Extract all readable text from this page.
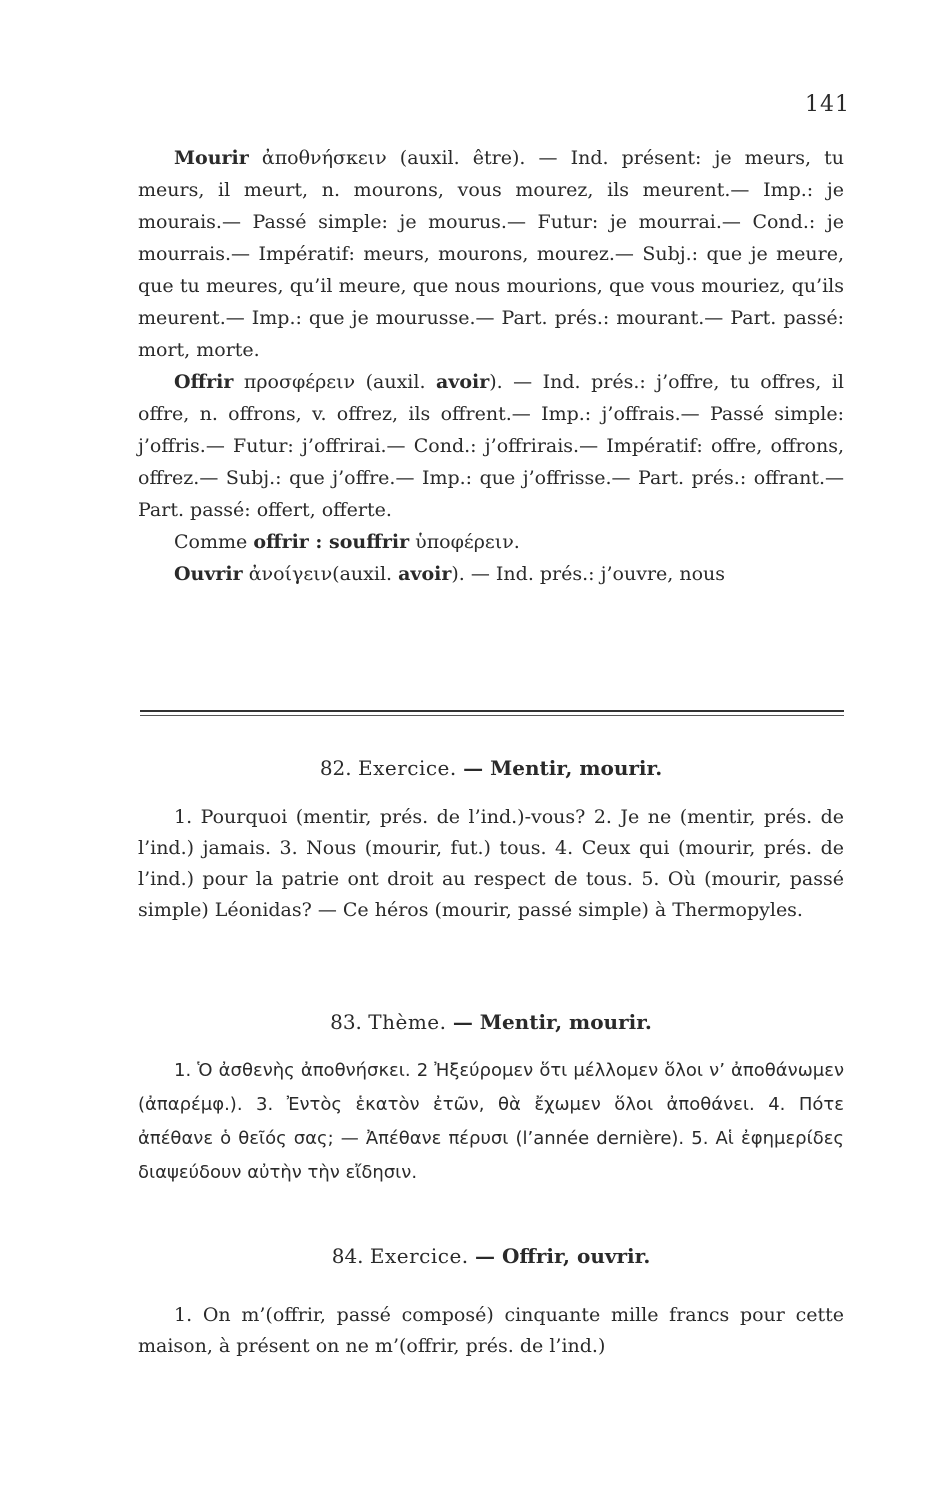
141

Mourir ἀποθνήσκειν (auxil. être). — Ind. présent: je meurs, tu meurs, il meurt, n. mourons, vous mourez, ils meurent.— Imp.: je mourais.— Passé simple: je mourus.— Futur: je mourrai.— Cond.: je mourrais.— Impératif: meurs, mourons, mourez.— Subj.: que je meure, que tu meures, qu’il meure, que nous mourions, que vous mouriez, qu’ils meurent.— Imp.: que je mourusse.— Part. prés.: mourant.— Part. passé: mort, morte.

Offrir προσφέρειν (auxil. avoir). — Ind. prés.: j’offre, tu offres, il offre, n. offrons, v. offrez, ils offrent.— Imp.: j’offrais.— Passé simple: j’offris.— Futur: j’offrirai.— Cond.: j’offrirais.— Impératif: offre, offrons, offrez.— Subj.: que j’offre.— Imp.: que j’offrisse.— Part. prés.: offrant.— Part. passé: offert, offerte.

Comme offrir : souffrir ὑποφέρειν.

Ouvrir ἀνοίγειν(auxil. avoir). — Ind. prés.: j’ouvre, nous

82. Exercice. — Mentir, mourir.

1. Pourquoi (mentir, prés. de l’ind.)-vous? 2. Je ne (mentir, prés. de l’ind.) jamais. 3. Nous (mourir, fut.) tous. 4. Ceux qui (mourir, prés. de l’ind.) pour la patrie ont droit au respect de tous. 5. Où (mourir, passé simple) Léonidas? — Ce héros (mourir, passé simple) à Thermopyles.

83. Thème. — Mentir, mourir.

1. Ὁ ἀσθενὴς ἀποθνήσκει. 2 Ἠξεύρομεν ὅτι μέλλομεν ὅλοι ν’ ἀποθάνωμεν (ἀπαρέμφ.). 3. Ἐντὸς ἑκατὸν ἐτῶν, θὰ ἔχωμεν ὅλοι ἀποθάνει. 4. Πότε ἀπέθανε ὁ θεῖός σας; — Ἀπέθανε πέρυσι (l’année dernière). 5. Αἱ ἐφημερίδες διαψεύδουν αὐτὴν τὴν εἴδησιν.

84. Exercice. — Offrir, ouvrir.

1. On m’(offrir, passé composé) cinquante mille francs pour cette maison, à présent on ne m’(offrir, prés. de l’ind.)
